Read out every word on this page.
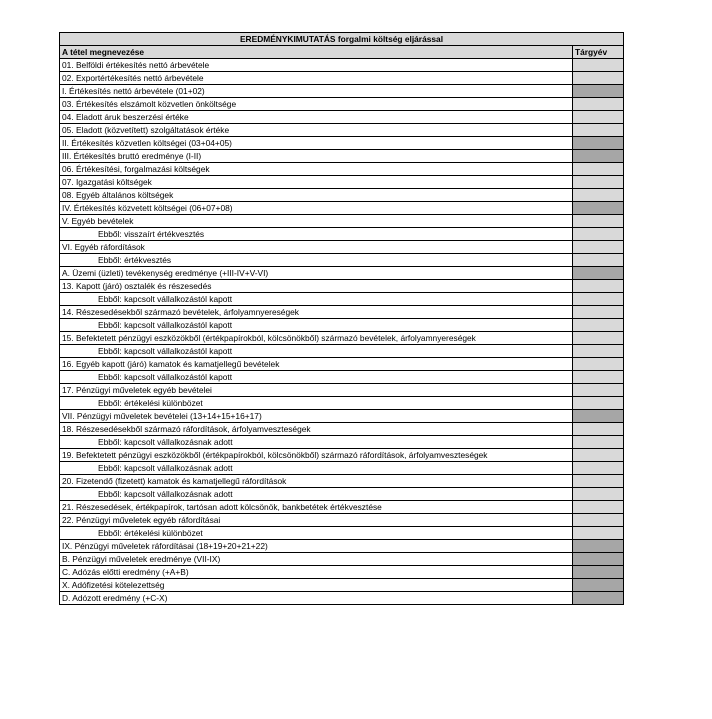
EREDMÉNYKIMUTATÁS forgalmi költség eljárással	
A tétel megnevezése	Tárgyév
01. Belföldi értékesítés nettó árbevétele	
02. Exportértékesítés nettó árbevétele	
I. Értékesítés nettó árbevétele (01+02)	
03. Értékesítés elszámolt közvetlen önköltsége	
04. Eladott áruk beszerzési értéke	
05. Eladott (közvetített) szolgáltatások értéke	
II. Értékesítés közvetlen költségei (03+04+05)	
III. Értékesítés bruttó eredménye (I-II)	
06. Értékesítési, forgalmazási költségek	
07. Igazgatási költségek	
08. Egyéb általános költségek	
IV. Értékesítés közvetett költségei (06+07+08)	
V. Egyéb bevételek	
Ebből: visszaírt értékvesztés	
VI. Egyéb ráfordítások	
Ebből: értékvesztés	
A. Üzemi (üzleti) tevékenység eredménye (+III-IV+V-VI)	
13. Kapott (járó) osztalék és részesedés	
Ebből: kapcsolt vállalkozástól kapott	
14. Részesedésekből származó bevételek, árfolyamnyereségek	
Ebből: kapcsolt vállalkozástól kapott	
15. Befektetett pénzügyi eszközökből (értékpapírokból, kölcsönökből) származó bevételek, árfolyamnyereségek	
Ebből: kapcsolt vállalkozástól kapott	
16. Egyéb kapott (járó) kamatok és kamatjellegű bevételek	
Ebből: kapcsolt vállalkozástól kapott	
17. Pénzügyi műveletek egyéb bevételei	
Ebből: értékelési különbözet	
VII. Pénzügyi műveletek bevételei (13+14+15+16+17)	
18. Részesedésekből származó ráfordítások, árfolyamveszteségek	
Ebből: kapcsolt vállalkozásnak adott	
19. Befektetett pénzügyi eszközökből (értékpapírokból, kölcsönökből) származó ráfordítások, árfolyamveszteségek	
Ebből: kapcsolt vállalkozásnak adott	
20. Fizetendő (fizetett) kamatok és kamatjellegű ráfordítások	
Ebből: kapcsolt vállalkozásnak adott	
21. Részesedések, értékpapírok, tartósan adott kölcsönök, bankbetétek értékvesztése	
22. Pénzügyi műveletek egyéb ráfordításai	
Ebből: értékelési különbözet	
IX. Pénzügyi műveletek ráfordításai (18+19+20+21+22)	
B. Pénzügyi műveletek eredménye (VII-IX)	
C. Adózás előtti eredmény (+A+B)	
X. Adófizetési kötelezettség	
D. Adózott eredmény (+C-X)	
